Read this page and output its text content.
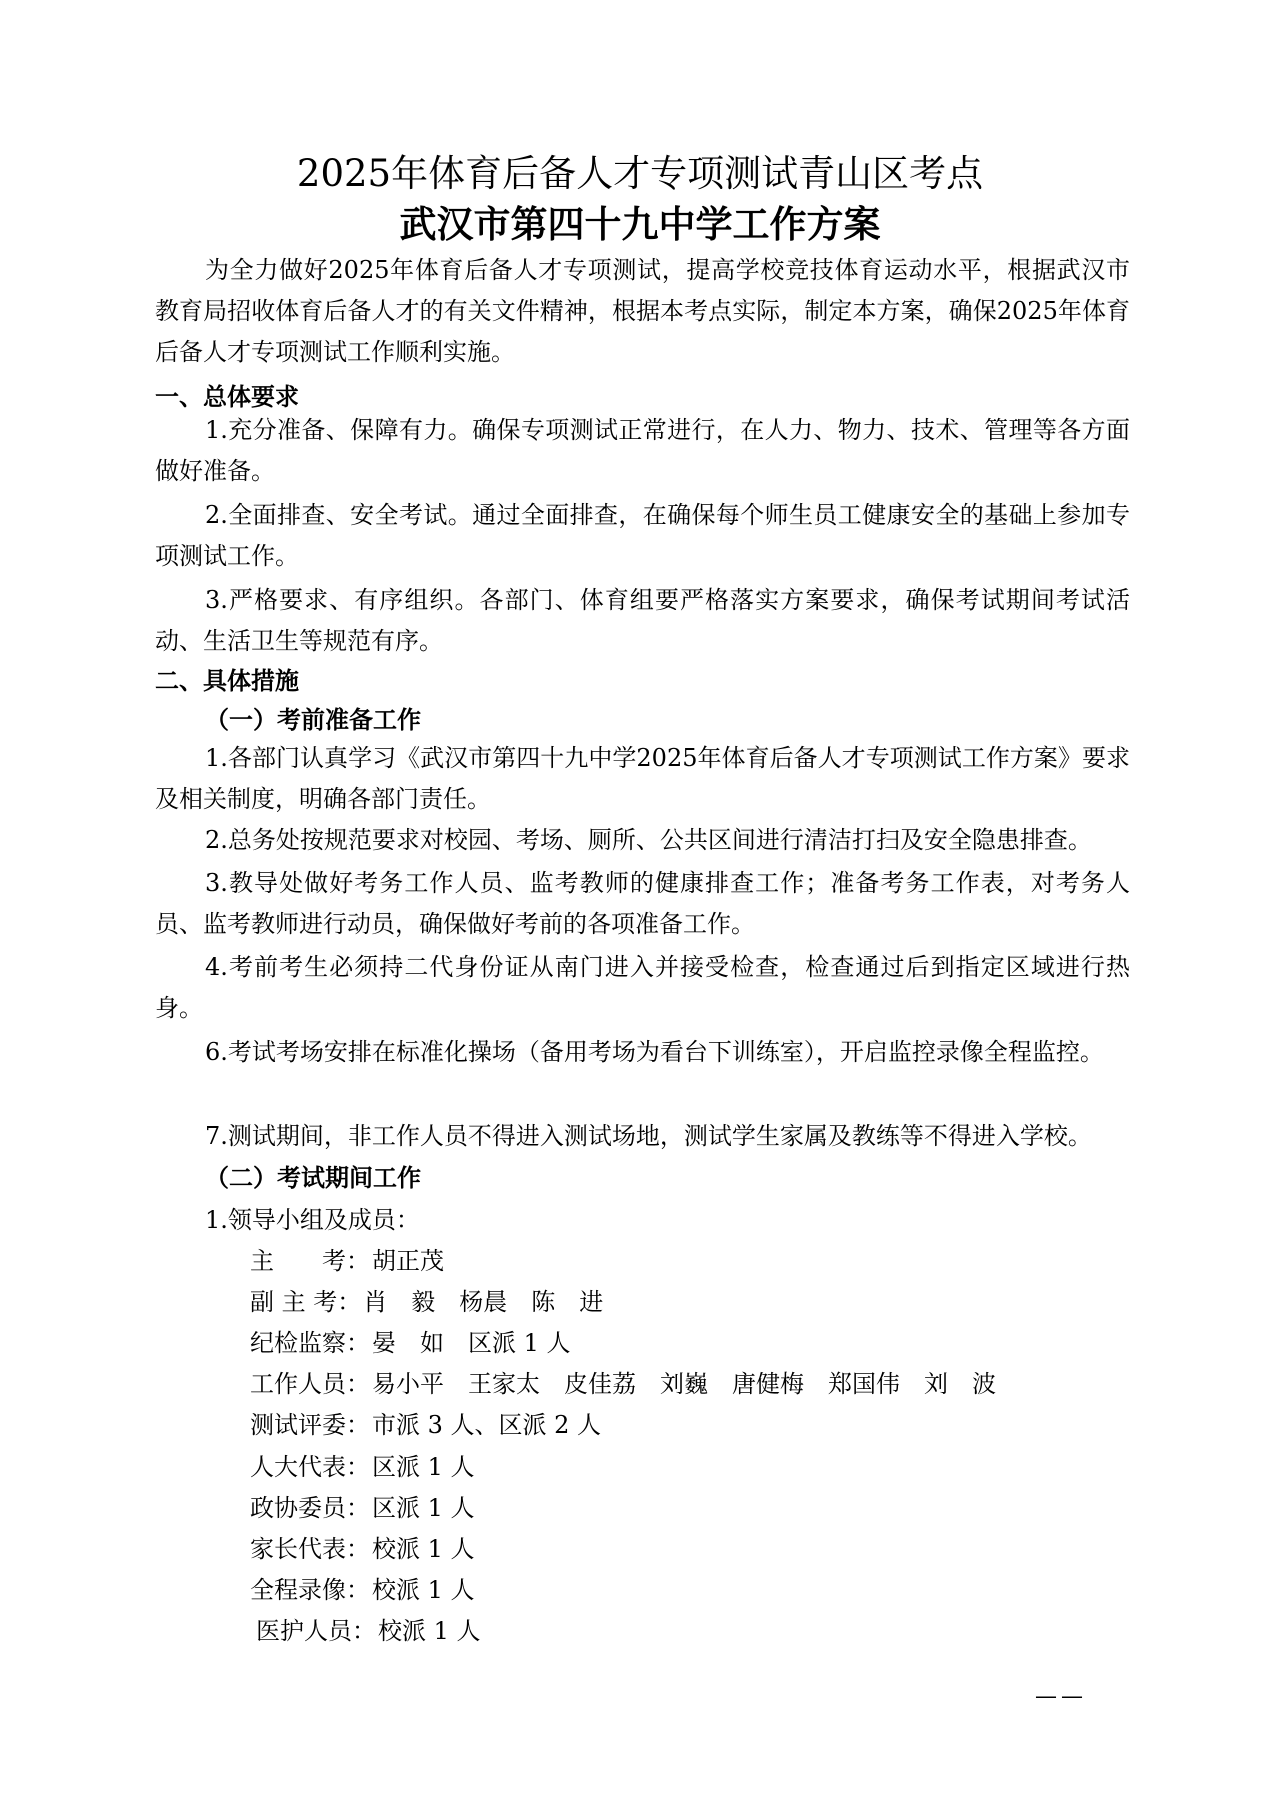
2025年体育后备人才专项测试青山区考点
武汉市第四十九中学工作方案
为全力做好2025年体育后备人才专项测试，提高学校竞技体育运动水平，根据武汉市教育局招收体育后备人才的有关文件精神，根据本考点实际，制定本方案，确保2025年体育后备人才专项测试工作顺利实施。
一、总体要求
1.充分准备、保障有力。确保专项测试正常进行，在人力、物力、技术、管理等各方面做好准备。
2.全面排查、安全考试。通过全面排查，在确保每个师生员工健康安全的基础上参加专项测试工作。
3.严格要求、有序组织。各部门、体育组要严格落实方案要求，确保考试期间考试活动、生活卫生等规范有序。
二、具体措施
（一）考前准备工作
1.各部门认真学习《武汉市第四十九中学2025年体育后备人才专项测试工作方案》要求及相关制度，明确各部门责任。
2.总务处按规范要求对校园、考场、厕所、公共区间进行清洁打扫及安全隐患排查。
3.教导处做好考务工作人员、监考教师的健康排查工作；准备考务工作表，对考务人员、监考教师进行动员，确保做好考前的各项准备工作。
4.考前考生必须持二代身份证从南门进入并接受检查，检查通过后到指定区域进行热身。
6.考试考场安排在标准化操场（备用考场为看台下训练室），开启监控录像全程监控。
7.测试期间，非工作人员不得进入测试场地，测试学生家属及教练等不得进入学校。
（二）考试期间工作
1.领导小组及成员：
主　　考：胡正茂
副 主 考：肖　毅　杨晨　陈　进
纪检监察：晏　如　区派 1 人
工作人员：易小平　王家太　皮佳荔　刘巍　唐健梅　郑国伟　刘　波
测试评委：市派 3 人、区派 2 人
人大代表：区派 1 人
政协委员：区派 1 人
家长代表：校派 1 人
全程录像：校派 1 人
医护人员：校派 1 人
——
